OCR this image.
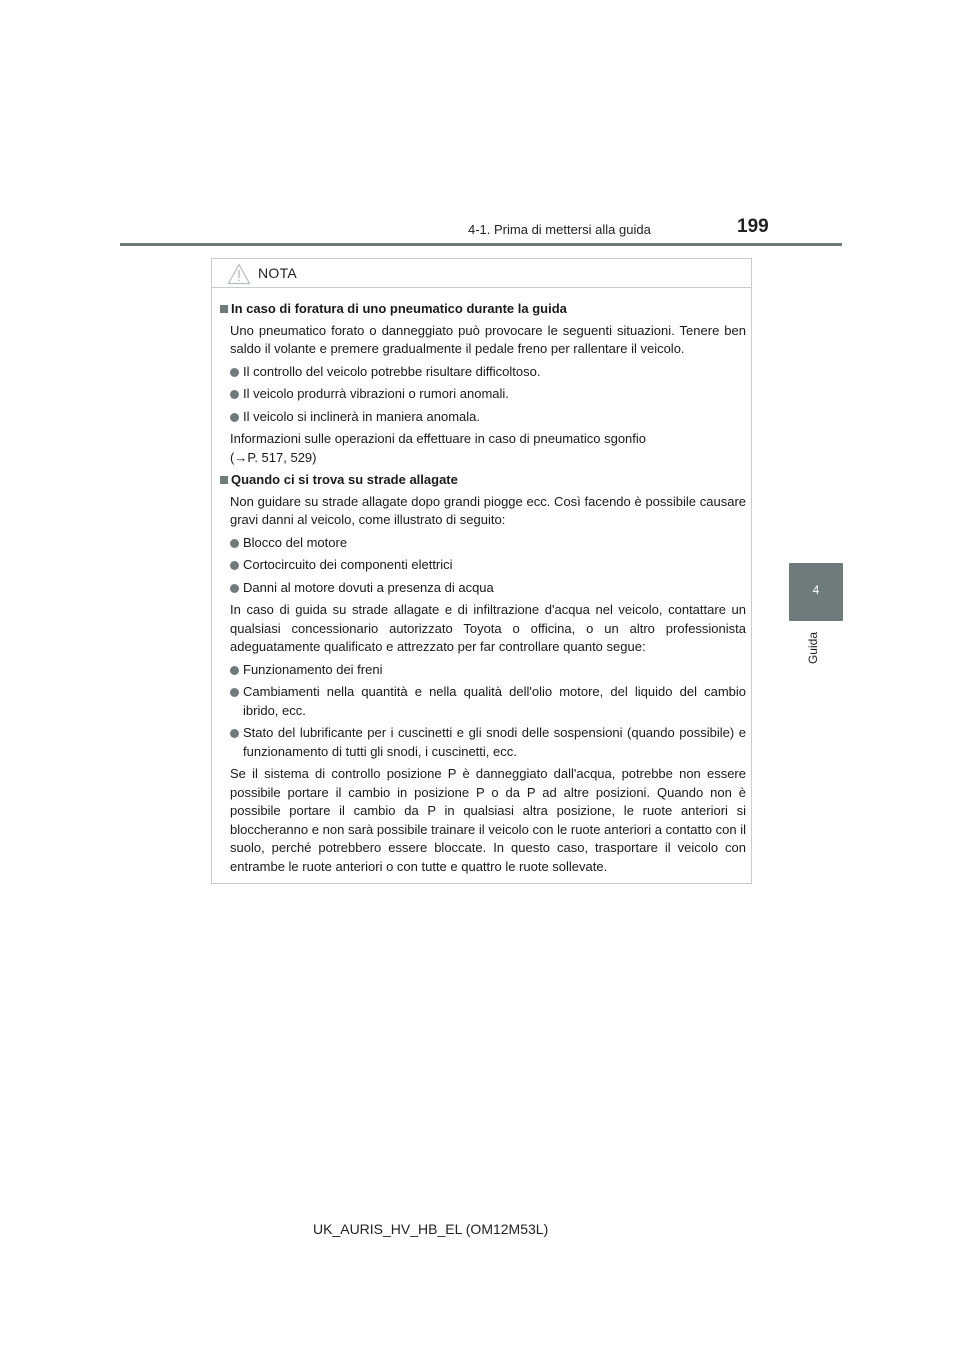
4-1. Prima di mettersi alla guida	199
4
Guida
NOTA
In caso di foratura di uno pneumatico durante la guida

Uno pneumatico forato o danneggiato può provocare le seguenti situazioni. Tenere ben saldo il volante e premere gradualmente il pedale freno per rallentare il veicolo.

Il controllo del veicolo potrebbe risultare difficoltoso.
Il veicolo produrrà vibrazioni o rumori anomali.
Il veicolo si inclinerà in maniera anomala.

Informazioni sulle operazioni da effettuare in caso di pneumatico sgonfio
(→P. 517, 529)

Quando ci si trova su strade allagate

Non guidare su strade allagate dopo grandi piogge ecc. Così facendo è possibile causare gravi danni al veicolo, come illustrato di seguito:

Blocco del motore
Cortocircuito dei componenti elettrici
Danni al motore dovuti a presenza di acqua

In caso di guida su strade allagate e di infiltrazione d'acqua nel veicolo, contattare un qualsiasi concessionario autorizzato Toyota o officina, o un altro professionista adeguatamente qualificato e attrezzato per far controllare quanto segue:

Funzionamento dei freni
Cambiamenti nella quantità e nella qualità dell'olio motore, del liquido del cambio ibrido, ecc.
Stato del lubrificante per i cuscinetti e gli snodi delle sospensioni (quando possibile) e funzionamento di tutti gli snodi, i cuscinetti, ecc.

Se il sistema di controllo posizione P è danneggiato dall'acqua, potrebbe non essere possibile portare il cambio in posizione P o da P ad altre posizioni. Quando non è possibile portare il cambio da P in qualsiasi altra posizione, le ruote anteriori si bloccheranno e non sarà possibile trainare il veicolo con le ruote anteriori a contatto con il suolo, perché potrebbero essere bloccate. In questo caso, trasportare il veicolo con entrambe le ruote anteriori o con tutte e quattro le ruote sollevate.

UK_AURIS_HV_HB_EL (OM12M53L)
